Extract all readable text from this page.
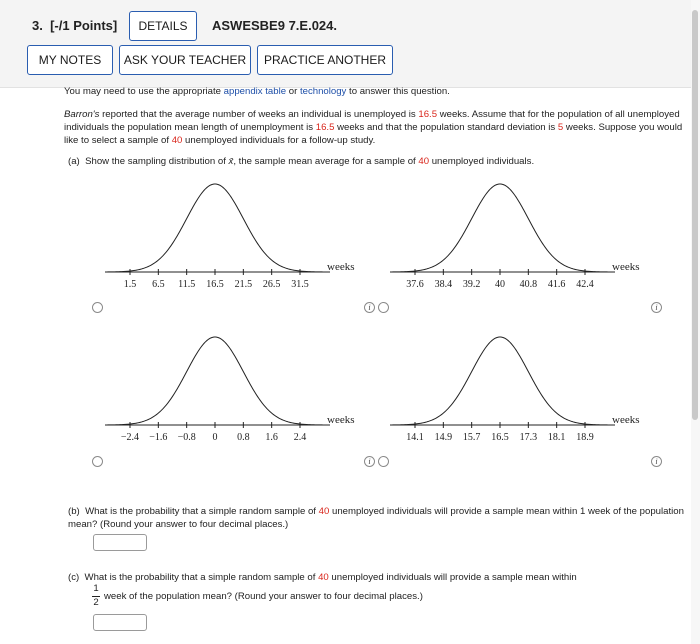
3. [-/1 Points]	DETAILS	ASWESBE9 7.E.024.
MY NOTES	ASK YOUR TEACHER	PRACTICE ANOTHER
You may need to use the appropriate appendix table or technology to answer this question.
Barron's reported that the average number of weeks an individual is unemployed is 16.5 weeks. Assume that for the population of all unemployed individuals the population mean length of unemployment is 16.5 weeks and that the population standard deviation is 5 weeks. Suppose you would like to select a sample of 40 unemployed individuals for a follow-up study.
(a) Show the sampling distribution of x̄, the sample mean average for a sample of 40 unemployed individuals.
1.5 6.5 11.5 16.5 21.5 26.5 31.5
weeks
37.6 38.4 39.2 40 40.8 41.6 42.4
weeks
−2.4 −1.6 −0.8 0 0.8 1.6 2.4
weeks
14.1 14.9 15.7 16.5 17.3 18.1 18.9
weeks
i	i
i	i
(b) What is the probability that a simple random sample of 40 unemployed individuals will provide a sample mean within 1 week of the population mean? (Round your answer to four decimal places.)
(c) What is the probability that a simple random sample of 40 unemployed individuals will provide a sample mean within
1
2
week of the population mean? (Round your answer to four decimal places.)
